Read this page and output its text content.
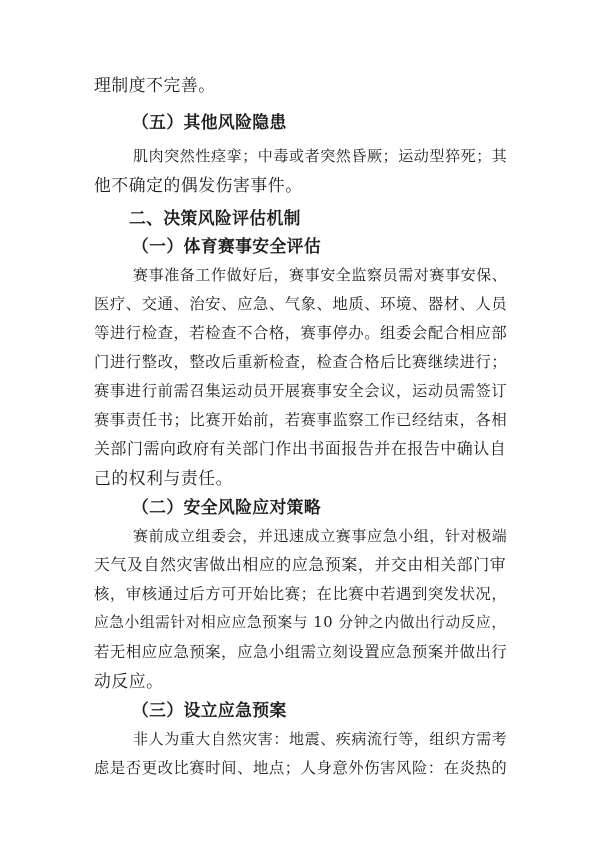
理制度不完善。

（五）其他风险隐患

肌肉突然性痉挛；中毒或者突然昏厥；运动型猝死；其

他不确定的偶发伤害事件。

二、决策风险评估机制

（一）体育赛事安全评估

赛事准备工作做好后，赛事安全监察员需对赛事安保、

医疗、交通、治安、应急、气象、地质、环境、器材、人员

等进行检查，若检查不合格，赛事停办。组委会配合相应部

门进行整改，整改后重新检查，检查合格后比赛继续进行；

赛事进行前需召集运动员开展赛事安全会议，运动员需签订

赛事责任书；比赛开始前，若赛事监察工作已经结束，各相

关部门需向政府有关部门作出书面报告并在报告中确认自

己的权利与责任。

（二）安全风险应对策略

赛前成立组委会，并迅速成立赛事应急小组，针对极端

天气及自然灾害做出相应的应急预案，并交由相关部门审

核，审核通过后方可开始比赛；在比赛中若遇到突发状况，

应急小组需针对相应应急预案与 10 分钟之内做出行动反应，

若无相应应急预案，应急小组需立刻设置应急预案并做出行

动反应。

（三）设立应急预案

非人为重大自然灾害：地震、疾病流行等，组织方需考

虑是否更改比赛时间、地点；人身意外伤害风险：在炎热的
